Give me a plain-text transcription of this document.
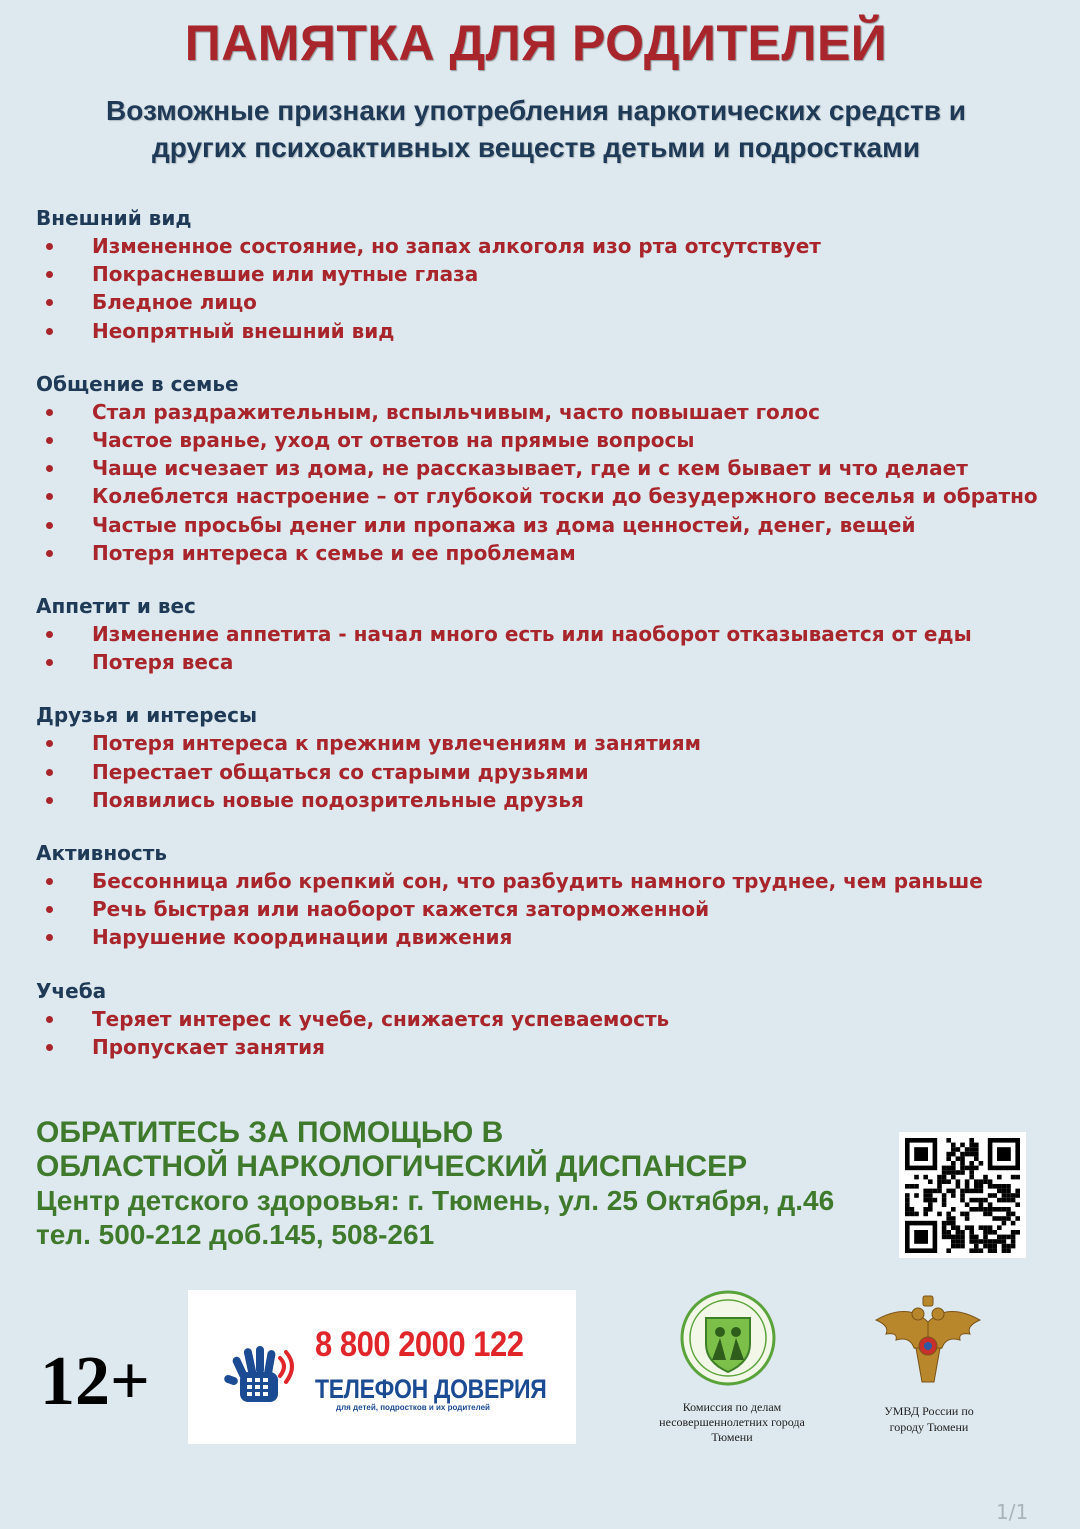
ПАМЯТКА ДЛЯ РОДИТЕЛЕЙ
Возможные признаки употребления наркотических средств и
других психоактивных веществ детьми и подростками
Внешний вид
Измененное состояние, но запах алкоголя изо рта отсутствует
Покрасневшие или мутные глаза
Бледное лицо
Неопрятный внешний вид
Общение в семье
Стал раздражительным, вспыльчивым, часто повышает голос
Частое вранье, уход от ответов на прямые вопросы
Чаще исчезает из дома, не рассказывает, где и с кем бывает и что делает
Колеблется настроение – от глубокой тоски до безудержного веселья и обратно
Частые просьбы денег или пропажа из дома ценностей, денег, вещей
Потеря интереса к семье и ее проблемам
Аппетит и вес
Изменение аппетита - начал много есть или наоборот отказывается от еды
Потеря веса
Друзья и интересы
Потеря интереса к прежним увлечениям и занятиям
Перестает общаться со старыми друзьями
Появились новые подозрительные друзья
Активность
Бессонница либо крепкий сон, что разбудить намного труднее, чем раньше
Речь быстрая или наоборот кажется заторможенной
Нарушение координации движения
Учеба
Теряет интерес к учебе, снижается успеваемость
Пропускает занятия
ОБРАТИТЕСЬ ЗА ПОМОЩЬЮ В
ОБЛАСТНОЙ НАРКОЛОГИЧЕСКИЙ ДИСПАНСЕР
Центр детского здоровья: г. Тюмень, ул. 25 Октября, д.46
тел. 500-212 доб.145, 508-261
12+	8 800 2000 122
ТЕЛЕФОН ДОВЕРИЯ
для детей, подростков и их родителей	Комиссия по делам
несовершеннолетних города
Тюмени
УМВД России по
городу Тюмени
1/1
